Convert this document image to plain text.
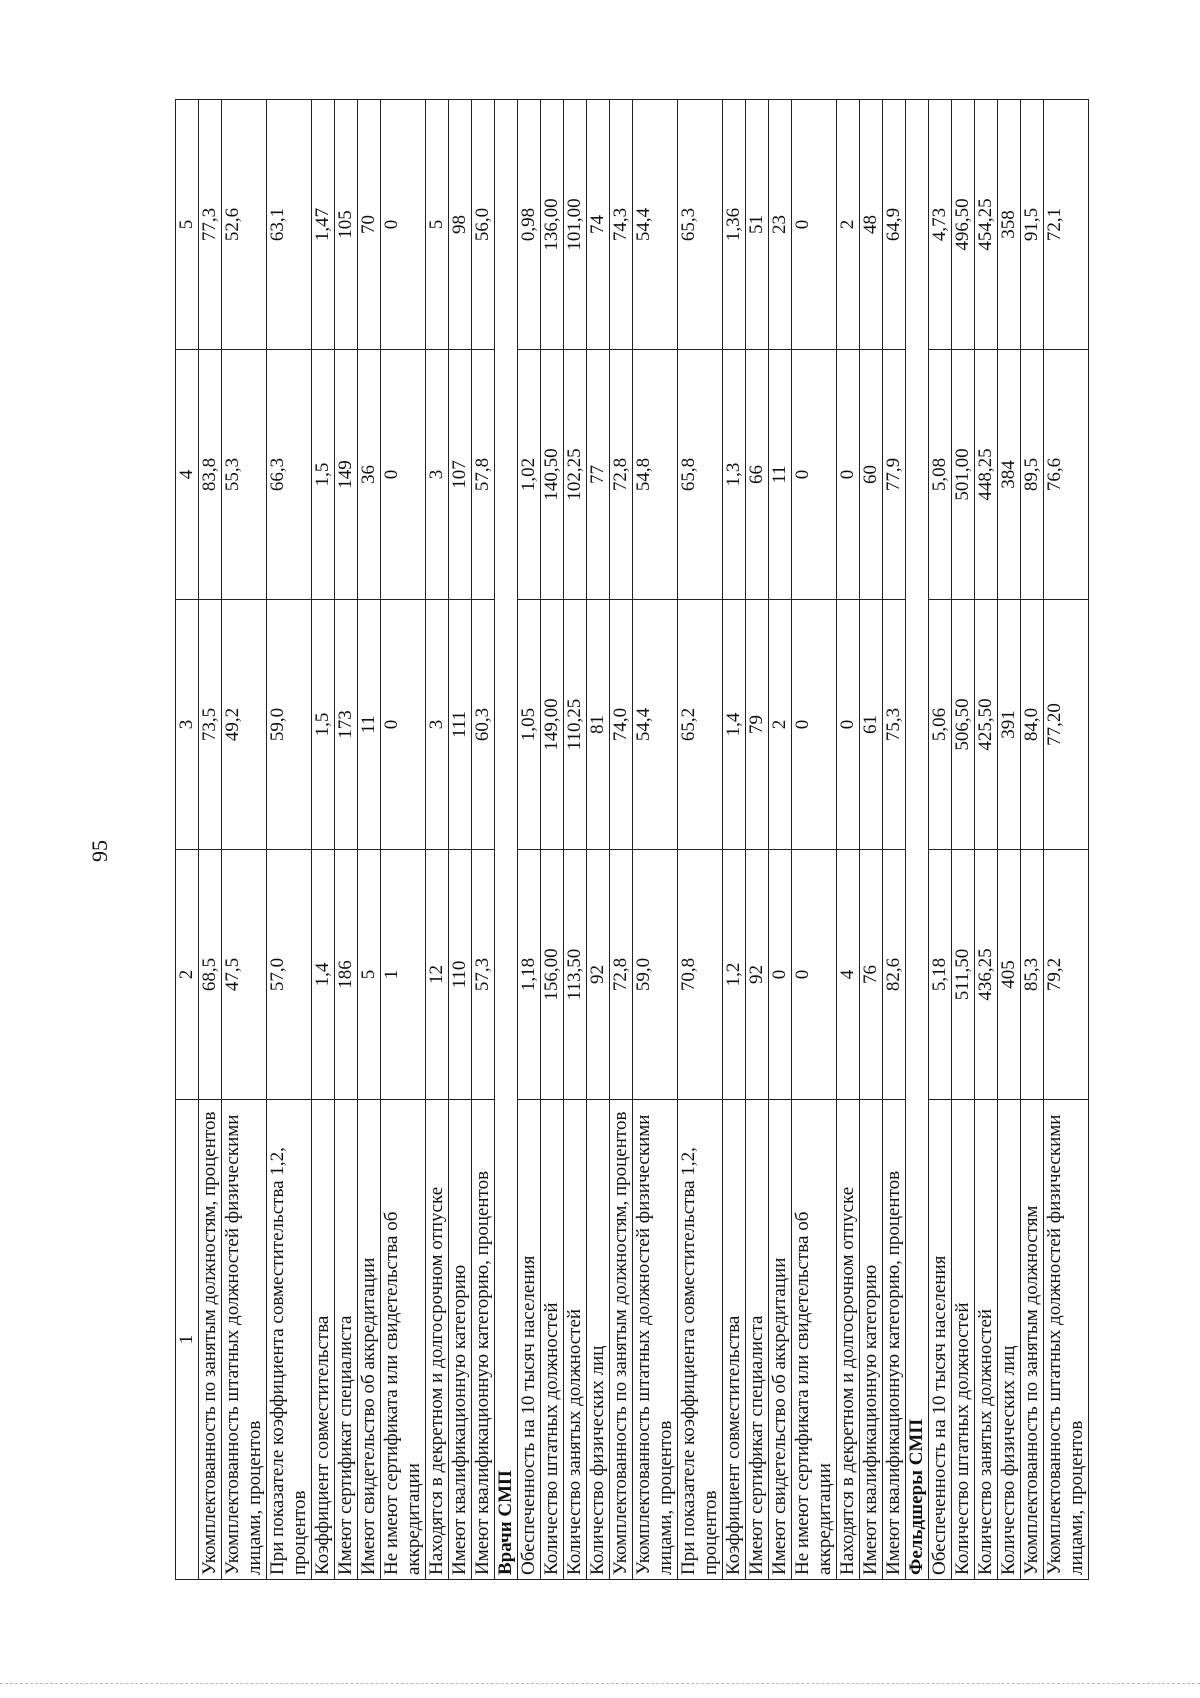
95
1	2	3	4	5
Укомплектованность по занятым должностям, процентов	68,5	73,5	83,8	77,3
Укомплектованность штатных должностей физическими лицами, процентов	47,5	49,2	55,3	52,6
При показателе коэффициента совместительства 1,2, процентов	57,0	59,0	66,3	63,1
Коэффициент совместительства	1,4	1,5	1,5	1,47
Имеют сертификат специалиста	186	173	149	105
Имеют свидетельство об аккредитации	5	11	36	70
Не имеют сертификата или свидетельства об аккредитации	1	0	0	0
Находятся в декретном и долгосрочном отпуске	12	3	3	5
Имеют квалификационную категорию	110	111	107	98
Имеют квалификационную категорию, процентов	57,3	60,3	57,8	56,0
Врачи СМП				
Обеспеченность на 10 тысяч населения	1,18	1,05	1,02	0,98
Количество штатных должностей	156,00	149,00	140,50	136,00
Количество занятых должностей	113,50	110,25	102,25	101,00
Количество физических лиц	92	81	77	74
Укомплектованность по занятым должностям, процентов	72,8	74,0	72,8	74,3
Укомплектованность штатных должностей физическими лицами, процентов	59,0	54,4	54,8	54,4
При показателе коэффициента совместительства 1,2, процентов	70,8	65,2	65,8	65,3
Коэффициент совместительства	1,2	1,4	1,3	1,36
Имеют сертификат специалиста	92	79	66	51
Имеют свидетельство об аккредитации	0	2	11	23
Не имеют сертификата или свидетельства об аккредитации	0	0	0	0
Находятся в декретном и долгосрочном отпуске	4	0	0	2
Имеют квалификационную категорию	76	61	60	48
Имеют квалификационную категорию, процентов	82,6	75,3	77,9	64,9
Фельдшеры СМП				
Обеспеченность на 10 тысяч населения	5,18	5,06	5,08	4,73
Количество штатных должностей	511,50	506,50	501,00	496,50
Количество занятых должностей	436,25	425,50	448,25	454,25
Количество физических лиц	405	391	384	358
Укомплектованность по занятым должностям	85,3	84,0	89,5	91,5
Укомплектованность штатных должностей физическими лицами, процентов	79,2	77,20	76,6	72,1
